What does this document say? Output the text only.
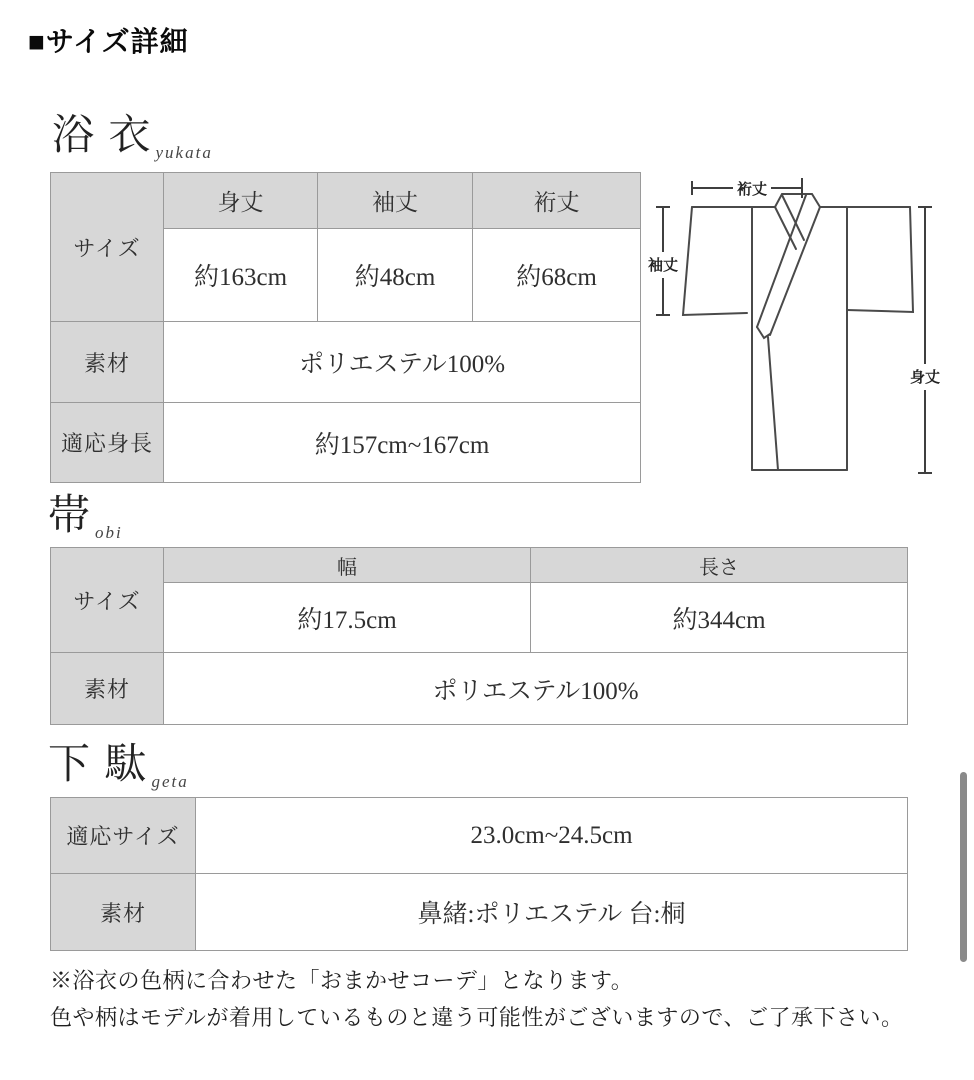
■サイズ詳細
浴 衣 $_{yukata}$
サイズ	身丈	袖丈	裄丈
	約163cm	約48cm	約68cm
素材	ポリエステル100%		
適応身長	約157cm~167cm		
裄丈
袖丈
身丈
帯 $_{obi}$
サイズ	幅	長さ
	約17.5cm	約344cm
素材	ポリエステル100%	
下 駄 $_{geta}$
適応サイズ	23.0cm~24.5cm
素材	鼻緒:ポリエステル 台:桐
※浴衣の色柄に合わせた「おまかせコーデ」となります。
色や柄はモデルが着用しているものと違う可能性がございますので、ご了承下さい。
